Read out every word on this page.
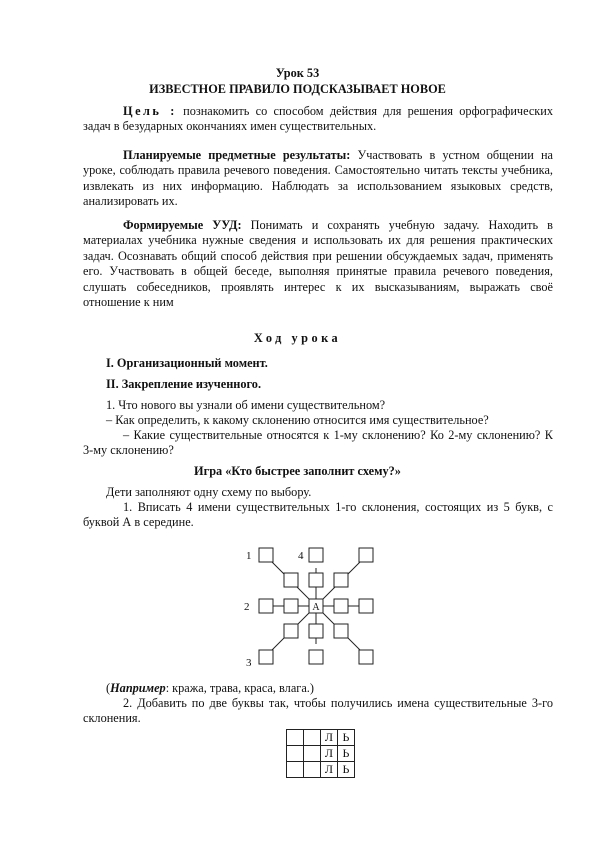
Урок 53
ИЗВЕСТНОЕ ПРАВИЛО ПОДСКАЗЫВАЕТ НОВОЕ
Цель : познакомить со способом действия для решения орфографических задач в безударных окончаниях имен существительных.
Планируемые предметные результаты: Участвовать в устном общении на уроке, соблюдать правила речевого поведения. Самостоятельно читать тексты учебника, извлекать из них информацию. Наблюдать за использованием языковых средств, анализировать их.
Формируемые УУД: Понимать и сохранять учебную задачу. Находить в материалах учебника нужные сведения и использовать их для решения практических задач. Осознавать общий способ действия при решении обсуждаемых задач, применять его. Участвовать в общей беседе, выполняя принятые правила речевого поведения, слушать собеседников, проявлять интерес к их высказываниям, выражать своё отношение к ним
Ход урока
I. Организационный момент.
II. Закрепление изученного.
1. Что нового вы узнали об имени существительном?
– Как определить, к какому склонению относится имя существительное?
– Какие существительные относятся к 1-му склонению? Ко 2-му склонению? К 3-му склонению?
Игра «Кто быстрее заполнит схему?»
Дети заполняют одну схему по выбору.
1. Вписать 4 имени существительных 1-го склонения, состоящих из 5 букв, с буквой А в середине.
А
1	4
2
3
(Например: кража, трава, краса, влага.)
2. Добавить по две буквы так, чтобы получились имена существительные 3-го склонения.
		Л	Ь
		Л	Ь
		Л	Ь
